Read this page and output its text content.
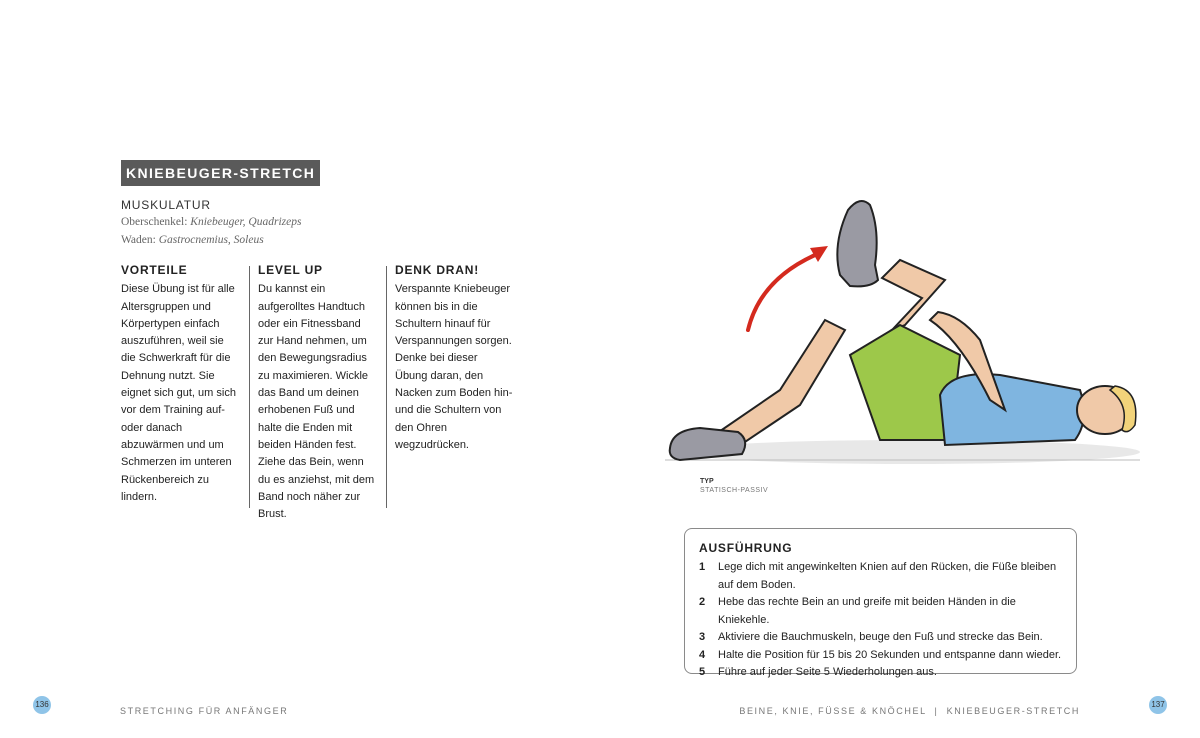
KNIEBEUGER-STRETCH
MUSKULATUR
Oberschenkel: Kniebeuger, Quadrizeps
Waden: Gastrocnemius, Soleus
VORTEILE

Diese Übung ist für alle Altersgruppen und Körpertypen einfach auszuführen, weil sie die Schwerkraft für die Dehnung nutzt. Sie eignet sich gut, um sich vor dem Training auf- oder danach abzuwärmen und um Schmerzen im unteren Rückenbereich zu lindern.

LEVEL UP

Du kannst ein aufgerolltes Handtuch oder ein Fitnessband zur Hand nehmen, um den Bewegungsradius zu maximieren. Wickle das Band um deinen erhobenen Fuß und halte die Enden mit beiden Händen fest. Ziehe das Bein, wenn du es anziehst, mit dem Band noch näher zur Brust.

DENK DRAN!

Verspannte Kniebeuger können bis in die Schultern hinauf für Verspannungen sorgen. Denke bei dieser Übung daran, den Nacken zum Boden hin- und die Schultern von den Ohren wegzudrücken.

TYP
STATISCH-PASSIV
AUSFÜHRUNG
1	Lege dich mit angewinkelten Knien auf den Rücken, die Füße bleiben auf dem Boden.
2	Hebe das rechte Bein an und greife mit beiden Händen in die Kniekehle.
3	Aktiviere die Bauchmuskeln, beuge den Fuß und strecke das Bein.
4	Halte die Position für 15 bis 20 Sekunden und entspanne dann wieder.
5	Führe auf jeder Seite 5 Wiederholungen aus.
136
STRETCHING FÜR ANFÄNGER	BEINE, KNIE, FÜSSE & KNÖCHEL  |  KNIEBEUGER-STRETCH
137
